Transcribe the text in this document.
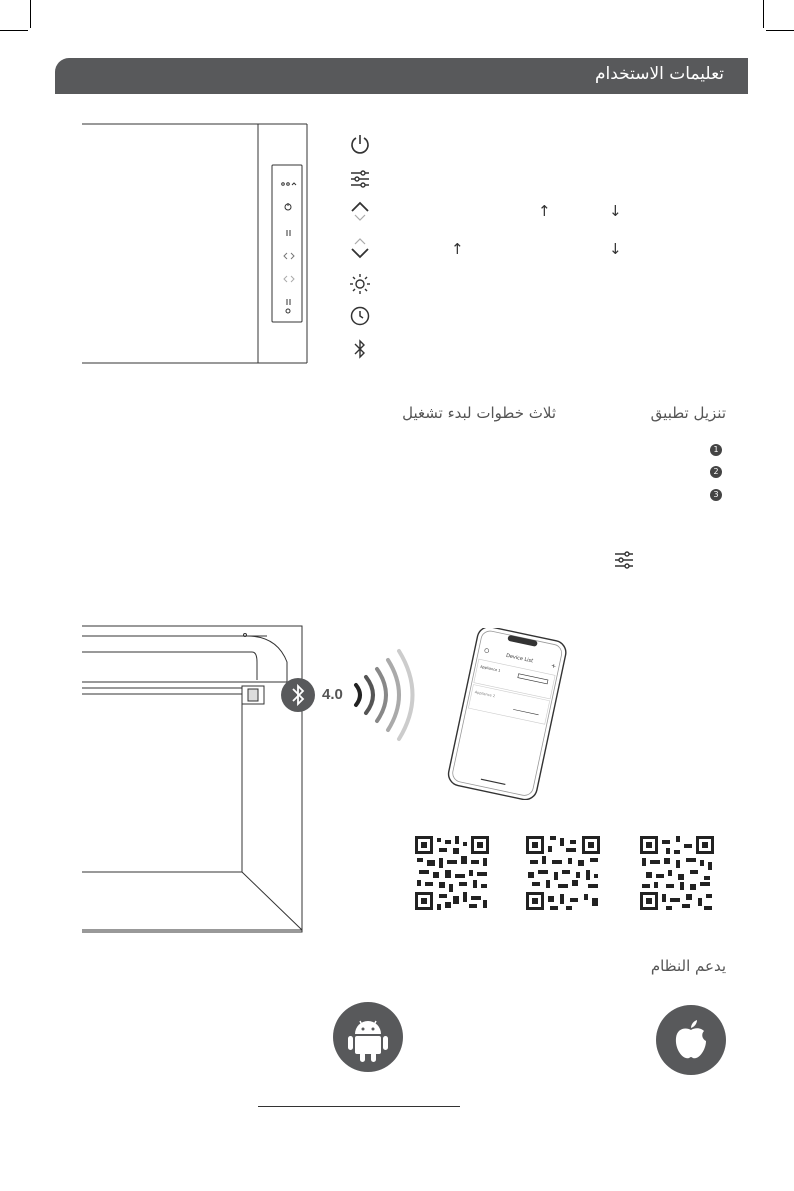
تعليمات الاستخدام
↑	↓
↑	↓
تنزيل تطبيق
ثلاث خطوات لبدء تشغيل
1
2
3
4.0
Device List
+
Appliance 1
Appliance 2
يدعم النظام
